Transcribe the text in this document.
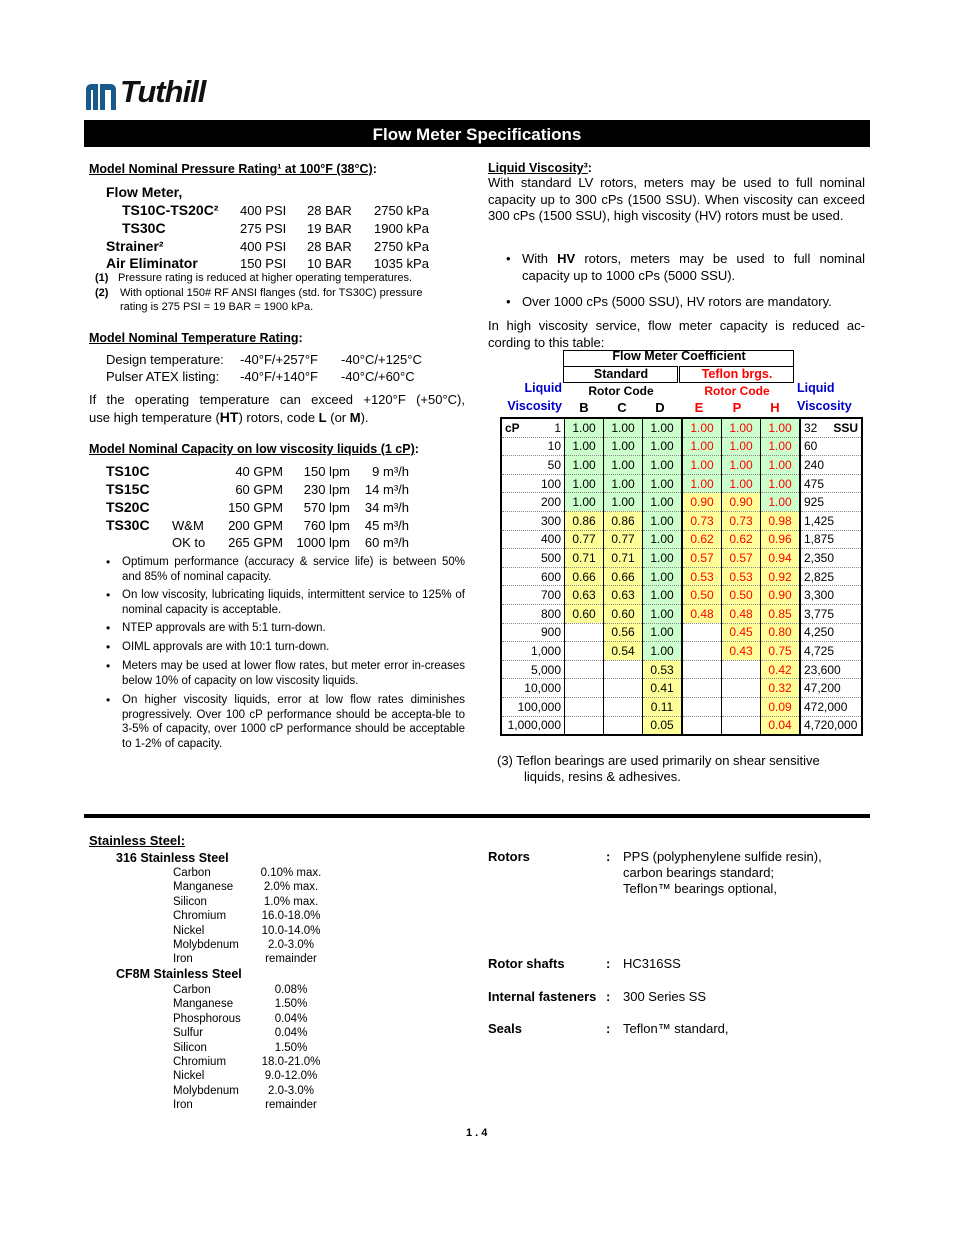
Tuthill
Flow Meter Specifications
Model Nominal Pressure Rating¹ at 100°F (38°C):
Flow Meter,
TS10C-TS20C² 400 PSI 28 BAR 2750 kPa
TS30C	275 PSI 19 BAR 1900 kPa
Strainer²	400 PSI 28 BAR 2750 kPa
Air Eliminator	150 PSI 10 BAR 1035 kPa
(1) Pressure rating is reduced at higher operating temperatures.
(2) With optional 150# RF ANSI flanges (std. for TS30C) pressure
rating is 275 PSI = 19 BAR = 1900 kPa.
Model Nominal Temperature Rating:
Design temperature: -40°F/+257°F -40°C/+125°C
Pulser ATEX listing: -40°F/+140°F -40°C/+60°C
If the operating temperature can exceed +120°F (+50°C),
use high temperature (HT) rotors, code L (or M).
Model Nominal Capacity on low viscosity liquids (1 cP):
TS10C	40 GPM	150 lpm	9 m³/h
TS15C	60 GPM	230 lpm	14 m³/h
TS20C	150 GPM	570 lpm	34 m³/h
TS30C W&M	200 GPM	760 lpm	45 m³/h
OK to	265 GPM	1000 lpm	60 m³/h
• Optimum performance (accuracy & service life) is between 50% and 85% of nominal capacity.
• On low viscosity, lubricating liquids, intermittent service to 125% of nominal capacity is acceptable.
• NTEP approvals are with 5:1 turn-down.
• OIML approvals are with 10:1 turn-down.
• Meters may be used at lower flow rates, but meter error in-creases below 10% of capacity on low viscosity liquids.
• On higher viscosity liquids, error at low flow rates diminishes progressively. Over 100 cP performance should be accepta-ble to 3-5% of capacity, over 1000 cP performance should be acceptable to 1-2% of capacity.
Liquid Viscosity³:
With standard LV rotors, meters may be used to full nominal capacity up to 300 cPs (1500 SSU). When viscosity can exceed 300 cPs (1500 SSU), high viscosity (HV) rotors must be used.
• With HV rotors, meters may be used to full nominal capacity up to 1000 cPs (5000 SSU).
• Over 1000 cPs (5000 SSU), HV rotors are mandatory.
In high viscosity service, flow meter capacity is reduced ac-cording to this table:
Flow Meter Coefficient
Standard	Teflon brgs.
Rotor Code	Rotor Code
Liquid
Viscosity
Liquid
Viscosity
B	C	D	E	P	H
cP 1	1.00	1.00	1.00	1.00	1.00	1.00	32 SSU

10	1.00	1.00	1.00	1.00	1.00	1.00	60
50	1.00	1.00	1.00	1.00	1.00	1.00	240
100	1.00	1.00	1.00	1.00	1.00	1.00	475
200	1.00	1.00	1.00	0.90	0.90	1.00	925
300	0.86	0.86	1.00	0.73	0.73	0.98	1,425
400	0.77	0.77	1.00	0.62	0.62	0.96	1,875
500	0.71	0.71	1.00	0.57	0.57	0.94	2,350
600	0.66	0.66	1.00	0.53	0.53	0.92	2,825
700	0.63	0.63	1.00	0.50	0.50	0.90	3,300
800	0.60	0.60	1.00	0.48	0.48	0.85	3,775
900		0.56	1.00		0.45	0.80	4,250
1,000		0.54	1.00		0.43	0.75	4,725
5,000			0.53			0.42	23,600
10,000			0.41			0.32	47,200
100,000			0.11			0.09	472,000
1,000,000			0.05			0.04	4,720,000
(3) Teflon bearings are used primarily on shear sensitive
liquids, resins & adhesives.
Stainless Steel:
316 Stainless Steel
Carbon	0.10% max.
Manganese	2.0% max.
Silicon	1.0% max.
Chromium	16.0-18.0%
Nickel	10.0-14.0%
Molybdenum	2.0-3.0%
Iron	remainder
CF8M Stainless Steel
Carbon	0.08%
Manganese	1.50%
Phosphorous	0.04%
Sulfur	0.04%
Silicon	1.50%
Chromium	18.0-21.0%
Nickel	9.0-12.0%
Molybdenum	2.0-3.0%
Iron	remainder
Rotors	: PPS (polyphenylene sulfide resin),
carbon bearings standard;
Teflon™ bearings optional,
Rotor shafts	: HC316SS
Internal fasteners : 300 Series SS
Seals	: Teflon™ standard,
1 . 4
